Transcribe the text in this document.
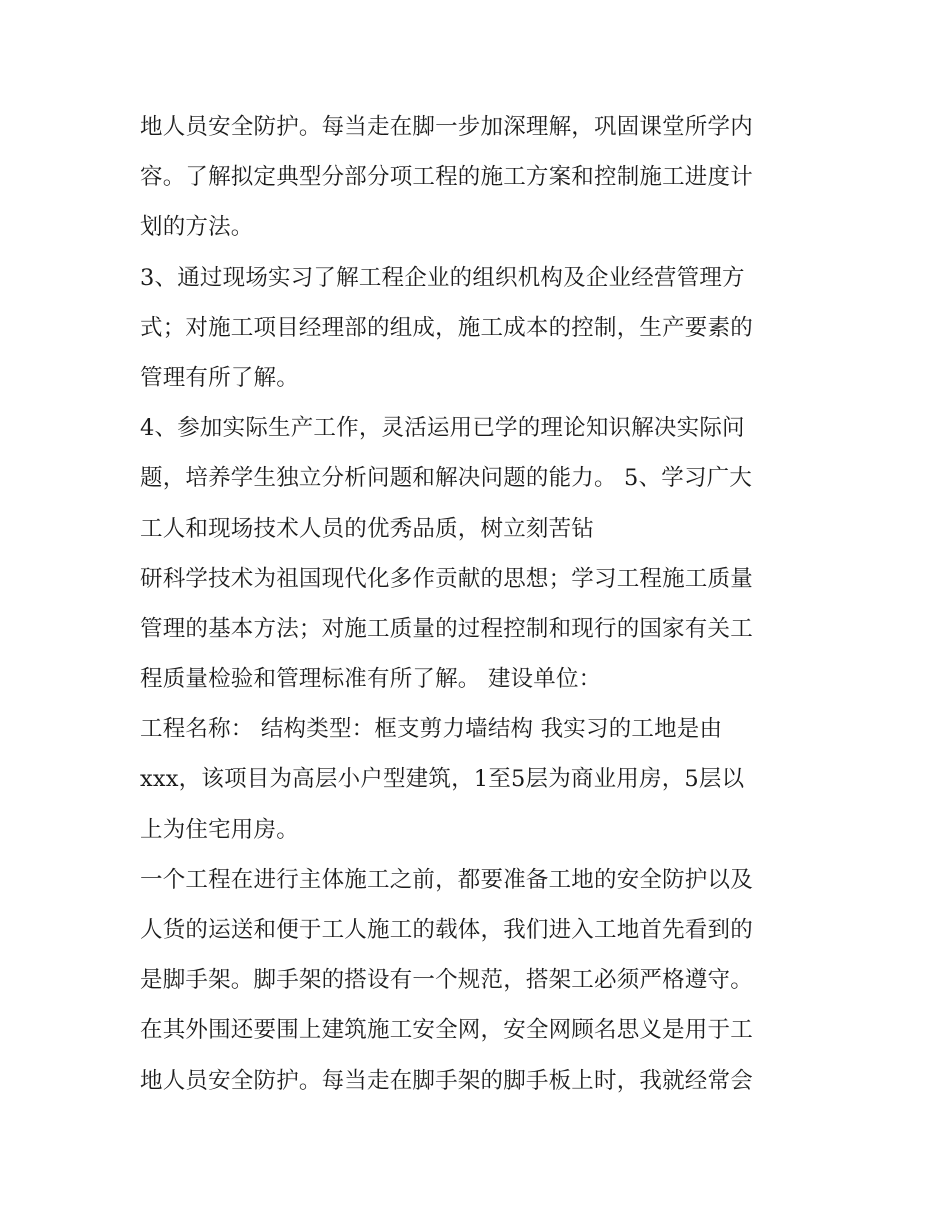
地人员安全防护。每当走在脚一步加深理解，巩固课堂所学内
容。了解拟定典型分部分项工程的施工方案和控制施工进度计
划的方法。
3、通过现场实习了解工程企业的组织机构及企业经营管理方
式；对施工项目经理部的组成，施工成本的控制，生产要素的
管理有所了解。
4、参加实际生产工作，灵活运用已学的理论知识解决实际问
题，培养学生独立分析问题和解决问题的能力。 5、学习广大
工人和现场技术人员的优秀品质，树立刻苦钻
研科学技术为祖国现代化多作贡献的思想；学习工程施工质量
管理的基本方法；对施工质量的过程控制和现行的国家有关工
程质量检验和管理标准有所了解。 建设单位：
工程名称： 结构类型：框支剪力墙结构 我实习的工地是由
xxx，该项目为高层小户型建筑，1至5层为商业用房，5层以
上为住宅用房。
一个工程在进行主体施工之前，都要准备工地的安全防护以及
人货的运送和便于工人施工的载体，我们进入工地首先看到的
是脚手架。脚手架的搭设有一个规范，搭架工必须严格遵守。
在其外围还要围上建筑施工安全网，安全网顾名思义是用于工
地人员安全防护。每当走在脚手架的脚手板上时，我就经常会
